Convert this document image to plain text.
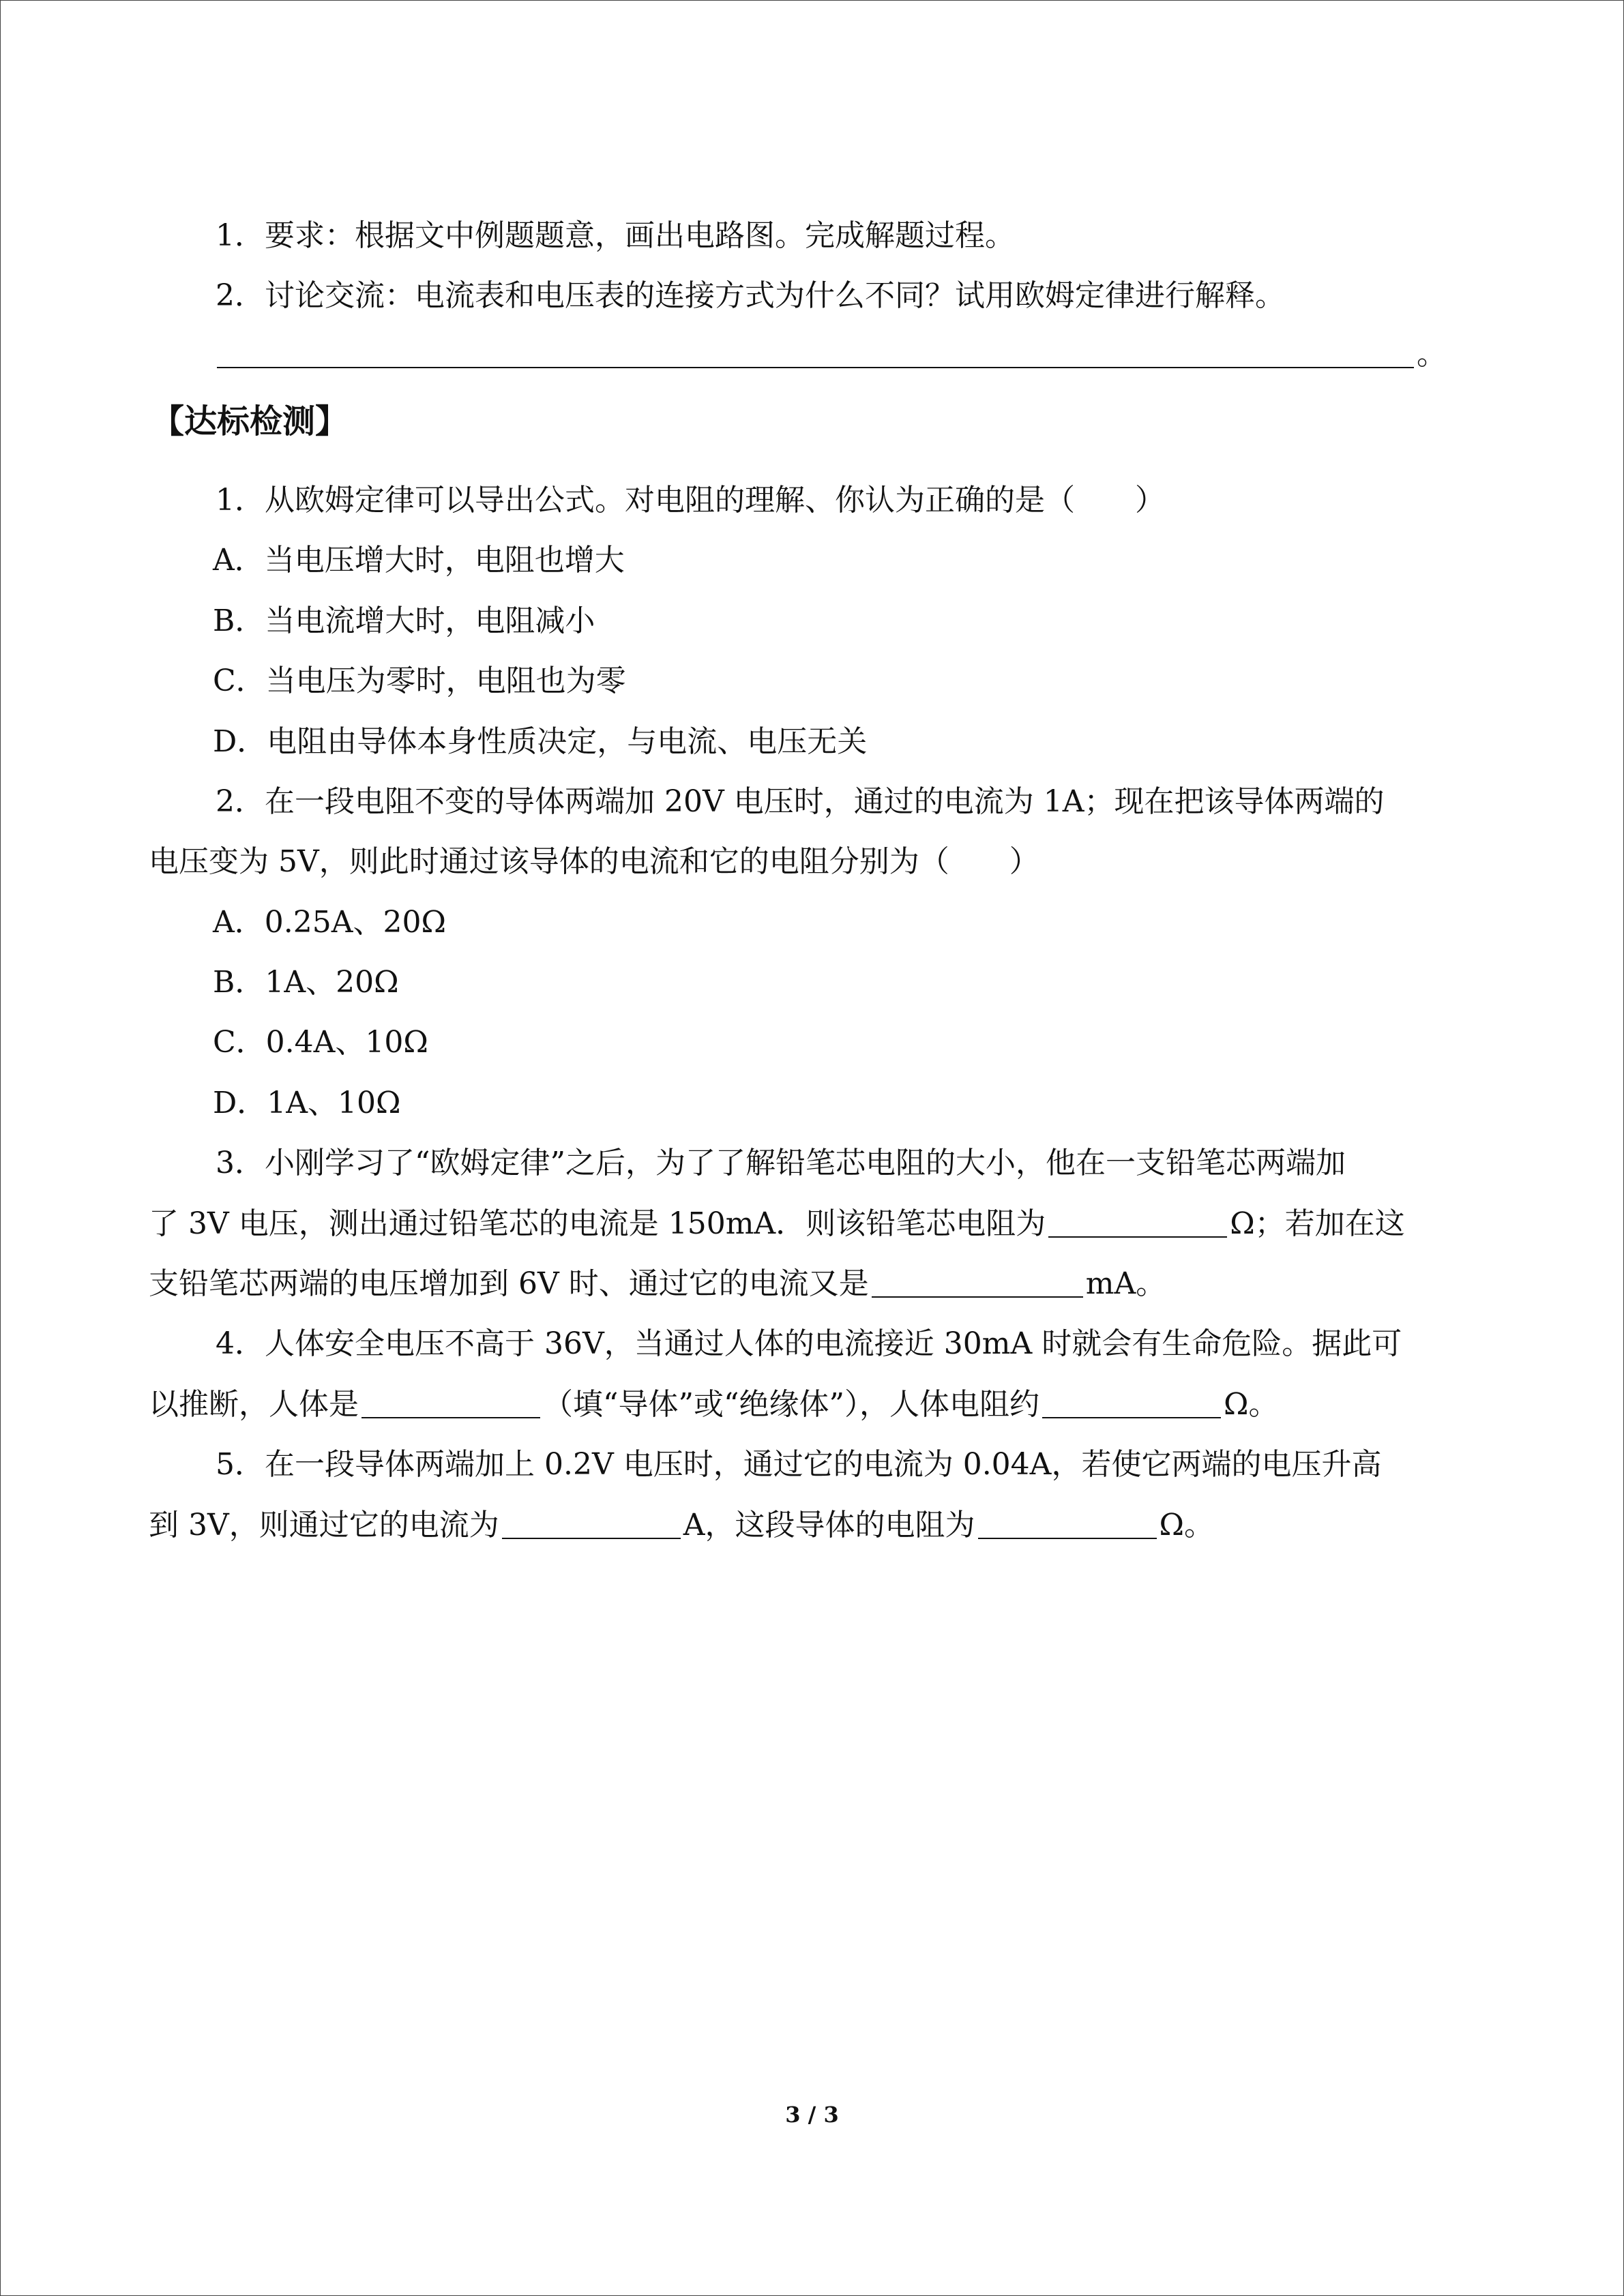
1．要求：根据文中例题题意，画出电路图。完成解题过程。
2．讨论交流：电流表和电压表的连接方式为什么不同？试用欧姆定律进行解释。
。
【达标检测】
1．从欧姆定律可以导出公式。对电阻的理解、你认为正确的是（　　）
A．当电压增大时，电阻也增大
B．当电流增大时，电阻减小
C．当电压为零时，电阻也为零
D．电阻由导体本身性质决定，与电流、电压无关
2．在一段电阻不变的导体两端加 20V 电压时，通过的电流为 1A；现在把该导体两端的
电压变为 5V，则此时通过该导体的电流和它的电阻分别为（　　）
A．0.25A、20Ω
B．1A、20Ω
C．0.4A、10Ω
D．1A、10Ω
3．小刚学习了“欧姆定律”之后，为了了解铅笔芯电阻的大小，他在一支铅笔芯两端加
了 3V 电压，测出通过铅笔芯的电流是 150mA．则该铅笔芯电阻为	Ω；若加在这
支铅笔芯两端的电压增加到 6V 时、通过它的电流又是	mA。
4．人体安全电压不高于 36V，当通过人体的电流接近 30mA 时就会有生命危险。据此可
以推断，人体是	（填“导体”或“绝缘体”），人体电阻约	Ω。
5．在一段导体两端加上 0.2V 电压时，通过它的电流为 0.04A，若使它两端的电压升高
到 3V，则通过它的电流为	A，这段导体的电阻为	Ω。
3 / 3
